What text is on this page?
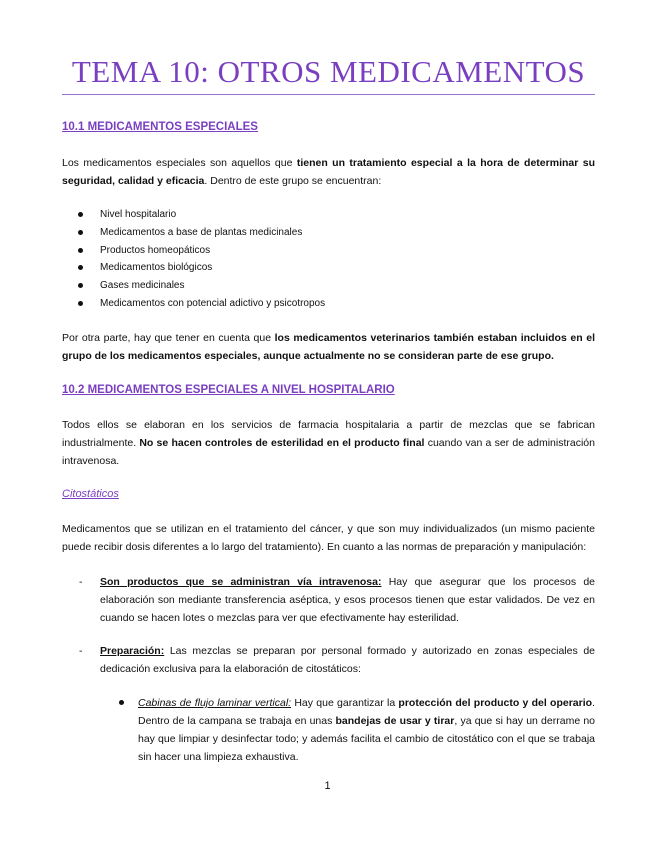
TEMA 10: OTROS MEDICAMENTOS
10.1 MEDICAMENTOS ESPECIALES
Los medicamentos especiales son aquellos que tienen un tratamiento especial a la hora de determinar su seguridad, calidad y eficacia. Dentro de este grupo se encuentran:
Nivel hospitalario
Medicamentos a base de plantas medicinales
Productos homeopáticos
Medicamentos biológicos
Gases medicinales
Medicamentos con potencial adictivo y psicotropos
Por otra parte, hay que tener en cuenta que los medicamentos veterinarios también estaban incluidos en el grupo de los medicamentos especiales, aunque actualmente no se consideran parte de ese grupo.
10.2 MEDICAMENTOS ESPECIALES A NIVEL HOSPITALARIO
Todos ellos se elaboran en los servicios de farmacia hospitalaria a partir de mezclas que se fabrican industrialmente. No se hacen controles de esterilidad en el producto final cuando van a ser de administración intravenosa.
Citostáticos
Medicamentos que se utilizan en el tratamiento del cáncer, y que son muy individualizados (un mismo paciente puede recibir dosis diferentes a lo largo del tratamiento). En cuanto a las normas de preparación y manipulación:
- Son productos que se administran vía intravenosa: Hay que asegurar que los procesos de elaboración son mediante transferencia aséptica, y esos procesos tienen que estar validados. De vez en cuando se hacen lotes o mezclas para ver que efectivamente hay esterilidad.
- Preparación: Las mezclas se preparan por personal formado y autorizado en zonas especiales de dedicación exclusiva para la elaboración de citostáticos:
Cabinas de flujo laminar vertical: Hay que garantizar la protección del producto y del operario. Dentro de la campana se trabaja en unas bandejas de usar y tirar, ya que si hay un derrame no hay que limpiar y desinfectar todo; y además facilita el cambio de citostático con el que se trabaja sin hacer una limpieza exhaustiva.
1
